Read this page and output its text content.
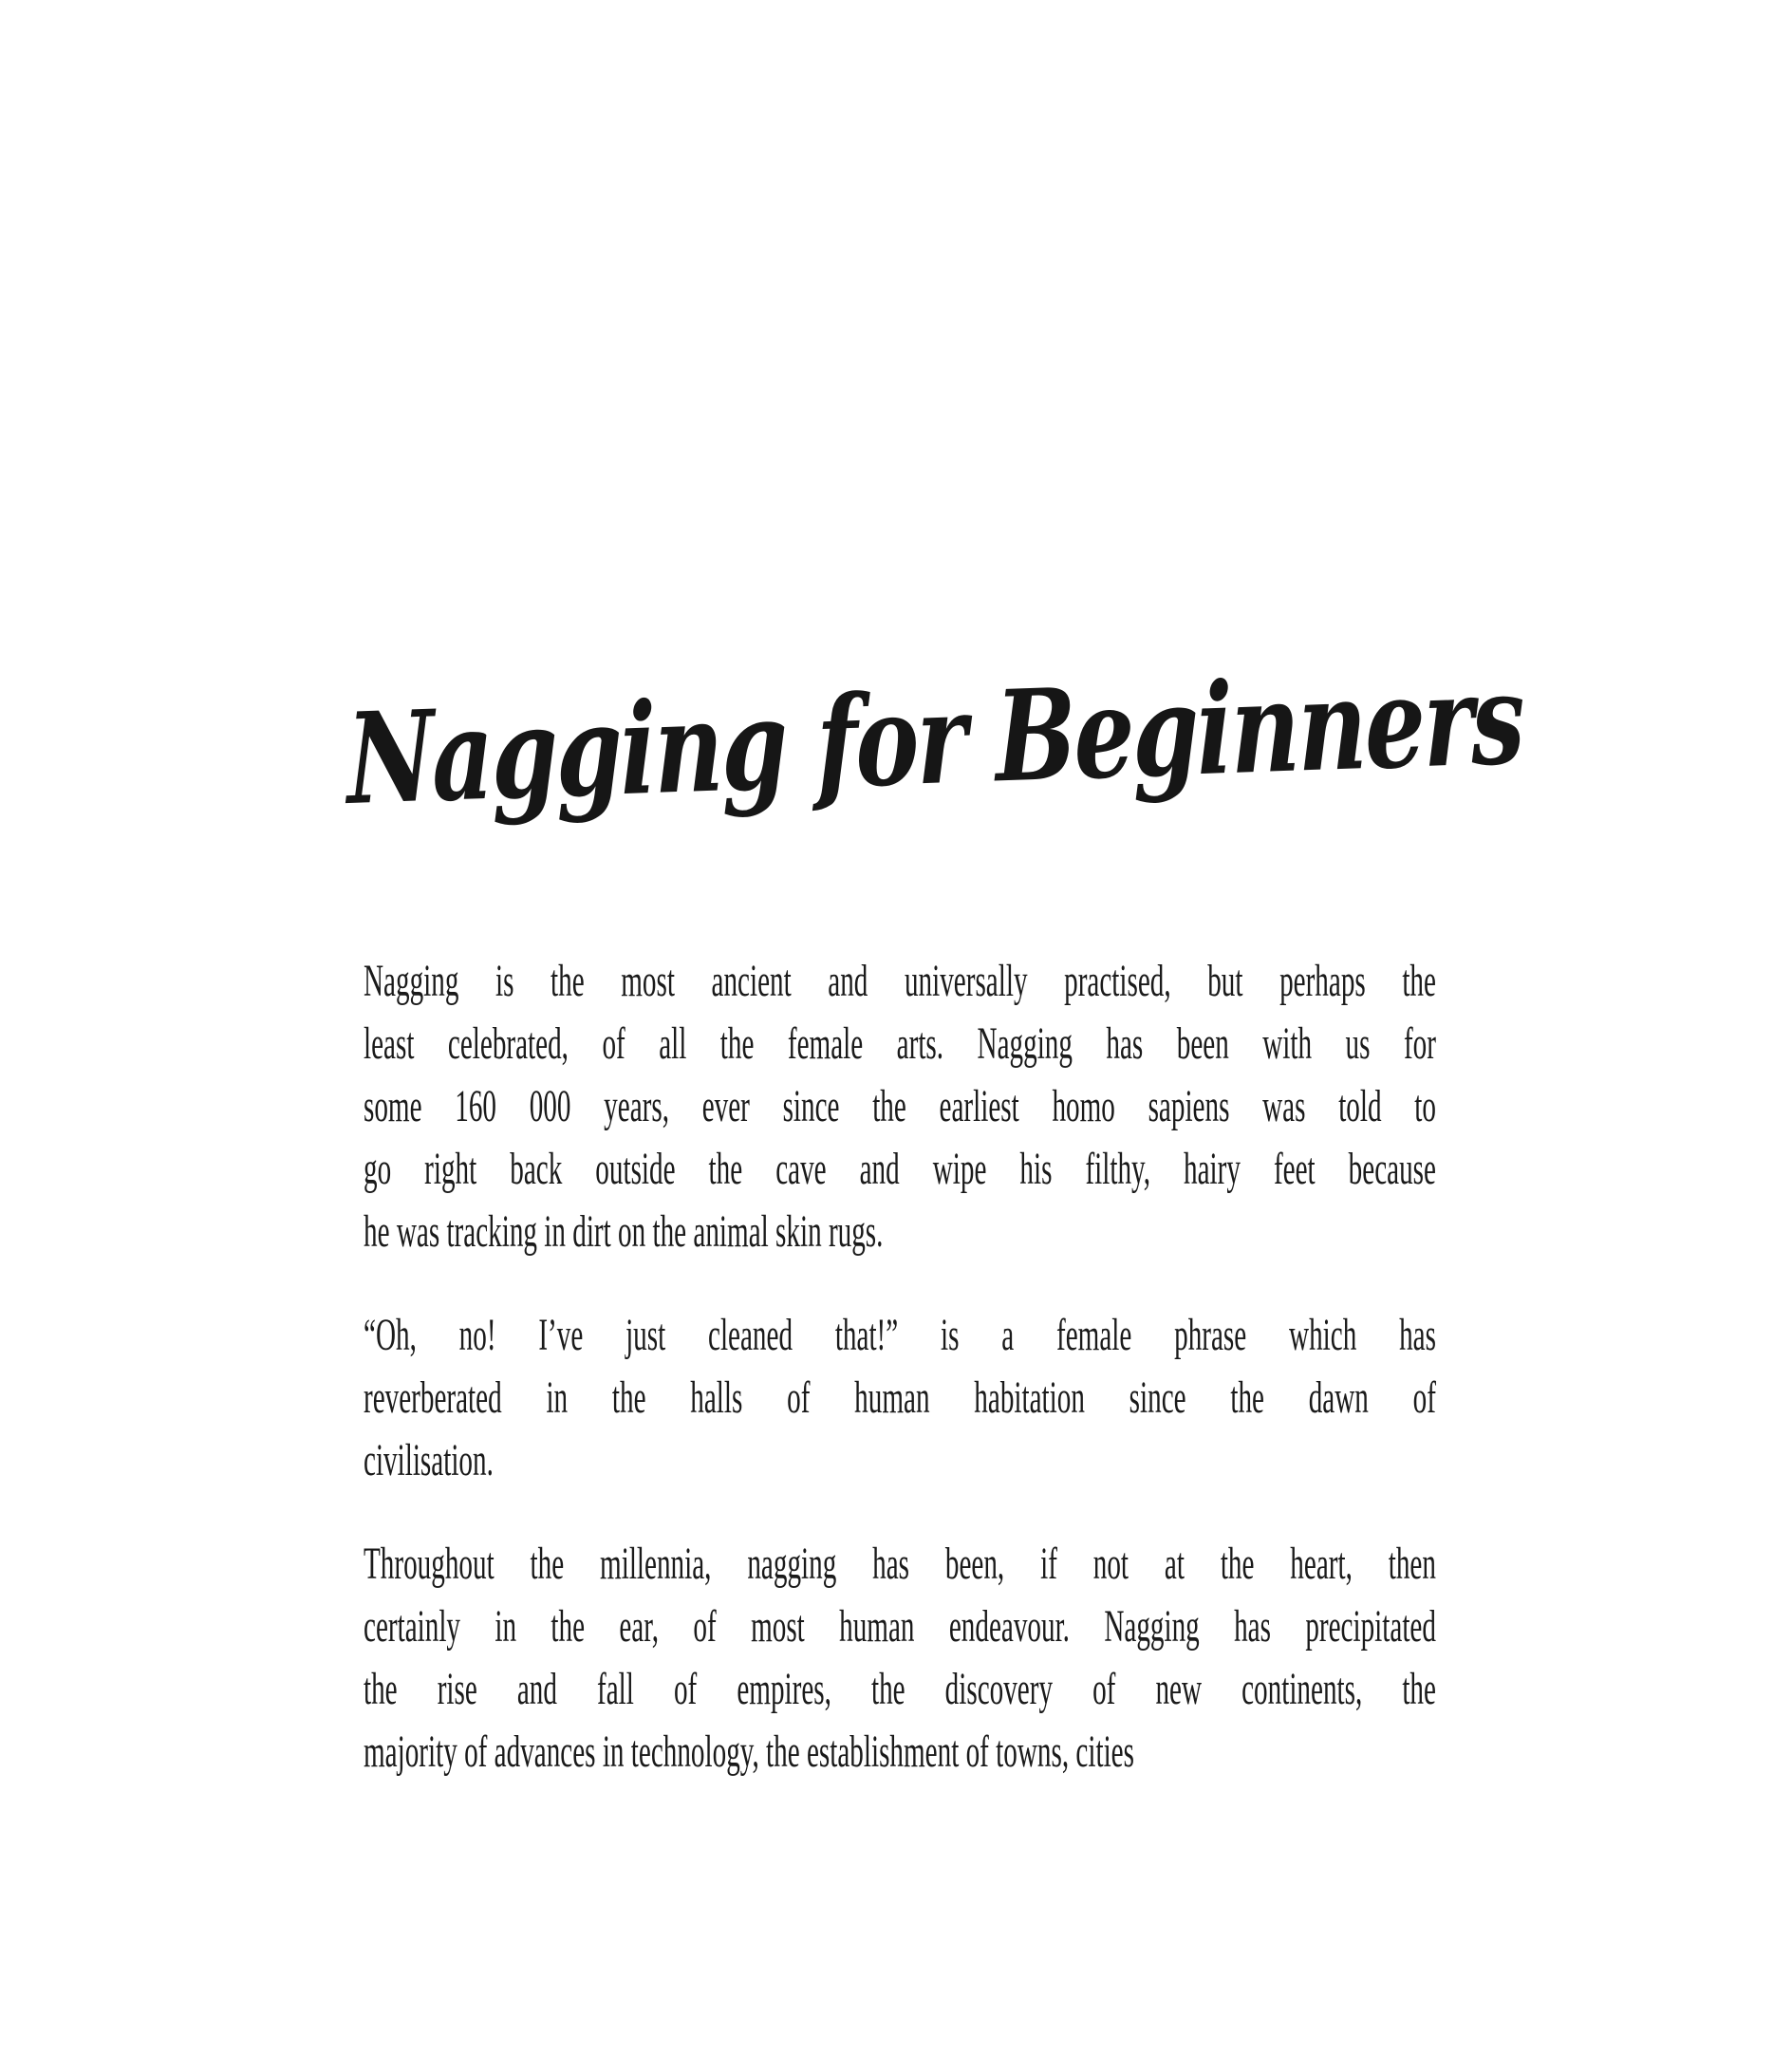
Nagging for Beginners
Nagging is the most ancient and universally practised, but perhaps the
least celebrated, of all the female arts. Nagging has been with us for
some 160 000 years, ever since the earliest homo sapiens was told to
go right back outside the cave and wipe his filthy, hairy feet because
he was tracking in dirt on the animal skin rugs.
“Oh, no! I’ve just cleaned that!” is a female phrase which has
reverberated in the halls of human habitation since the dawn of
civilisation.
Throughout the millennia, nagging has been, if not at the heart, then
certainly in the ear, of most human endeavour. Nagging has precipitated
the rise and fall of empires, the discovery of new continents, the
majority of advances in technology, the establishment of towns, cities
